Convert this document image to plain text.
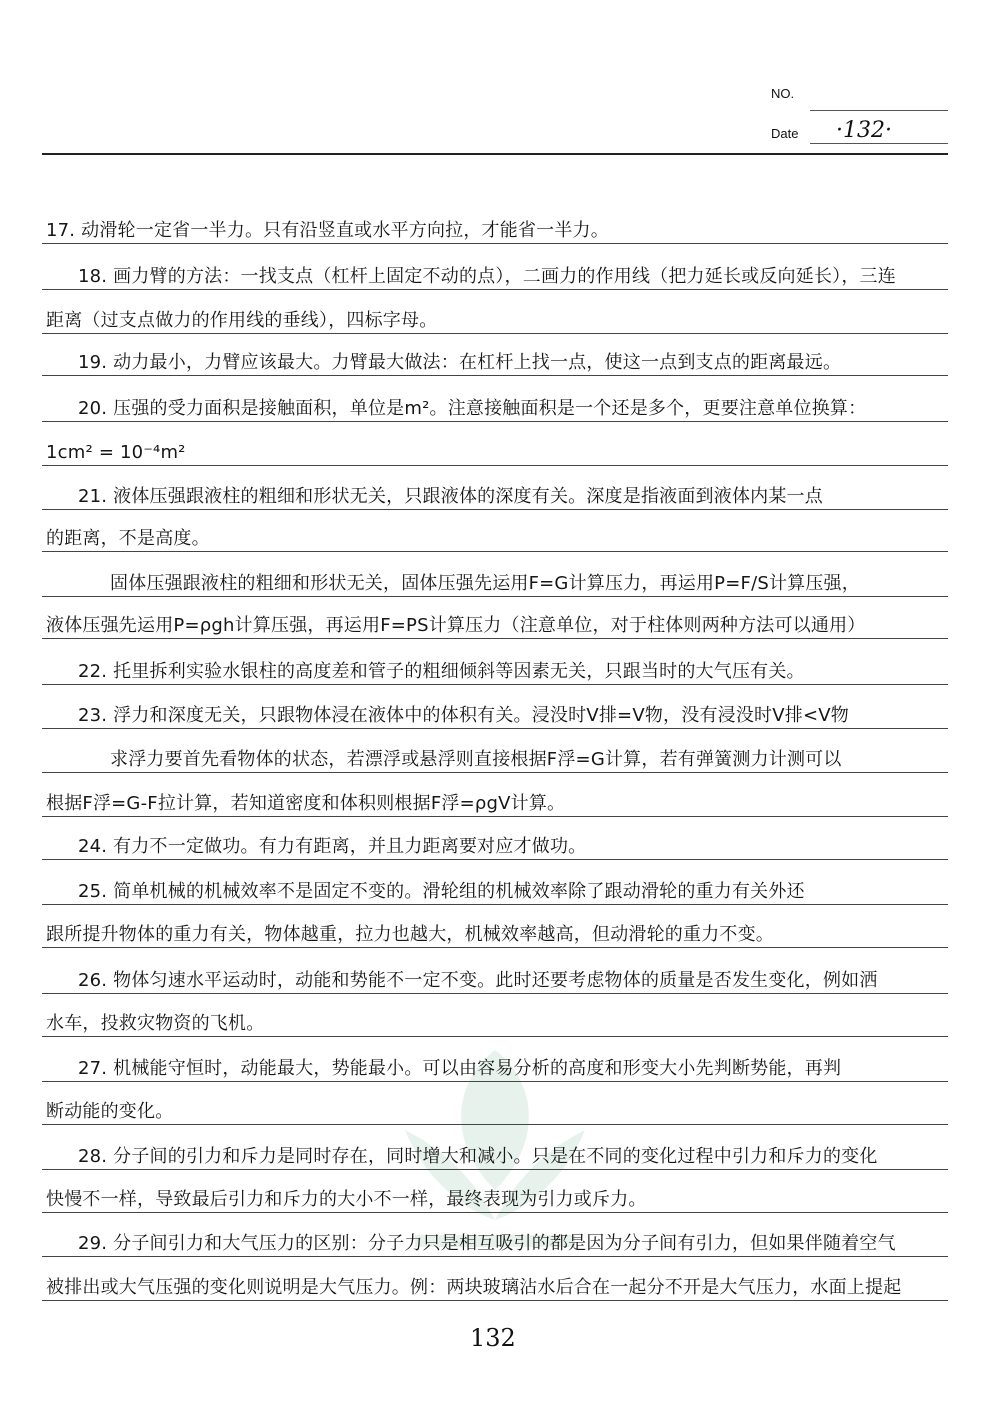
NO.
Date ·132·
17. 动滑轮一定省一半力。只有沿竖直或水平方向拉，才能省一半力。
18. 画力臂的方法：一找支点（杠杆上固定不动的点），二画力的作用线（把力延长或反向延长），三连
距离（过支点做力的作用线的垂线），四标字母。
19. 动力最小，力臂应该最大。力臂最大做法：在杠杆上找一点，使这一点到支点的距离最远。
20. 压强的受力面积是接触面积，单位是m²。注意接触面积是一个还是多个，更要注意单位换算：
1cm² = 10⁻⁴m²
21. 液体压强跟液柱的粗细和形状无关，只跟液体的深度有关。深度是指液面到液体内某一点
的距离，不是高度。
固体压强跟液柱的粗细和形状无关，固体压强先运用F=G计算压力，再运用P=F/S计算压强，
液体压强先运用P=ρgh计算压强，再运用F=PS计算压力（注意单位，对于柱体则两种方法可以通用）
22. 托里拆利实验水银柱的高度差和管子的粗细倾斜等因素无关，只跟当时的大气压有关。
23. 浮力和深度无关，只跟物体浸在液体中的体积有关。浸没时V排=V物，没有浸没时V排<V物
求浮力要首先看物体的状态，若漂浮或悬浮则直接根据F浮=G计算，若有弹簧测力计测可以
根据F浮=G-F拉计算，若知道密度和体积则根据F浮=ρgV计算。
24. 有力不一定做功。有力有距离，并且力距离要对应才做功。
25. 简单机械的机械效率不是固定不变的。滑轮组的机械效率除了跟动滑轮的重力有关外还
跟所提升物体的重力有关，物体越重，拉力也越大，机械效率越高，但动滑轮的重力不变。
26. 物体匀速水平运动时，动能和势能不一定不变。此时还要考虑物体的质量是否发生变化，例如洒
水车，投救灾物资的飞机。
27. 机械能守恒时，动能最大，势能最小。可以由容易分析的高度和形变大小先判断势能，再判
断动能的变化。
28. 分子间的引力和斥力是同时存在，同时增大和减小。只是在不同的变化过程中引力和斥力的变化
快慢不一样，导致最后引力和斥力的大小不一样，最终表现为引力或斥力。
29. 分子间引力和大气压力的区别：分子力只是相互吸引的都是因为分子间有引力，但如果伴随着空气
被排出或大气压强的变化则说明是大气压力。例：两块玻璃沾水后合在一起分不开是大气压力，水面上提起
132
